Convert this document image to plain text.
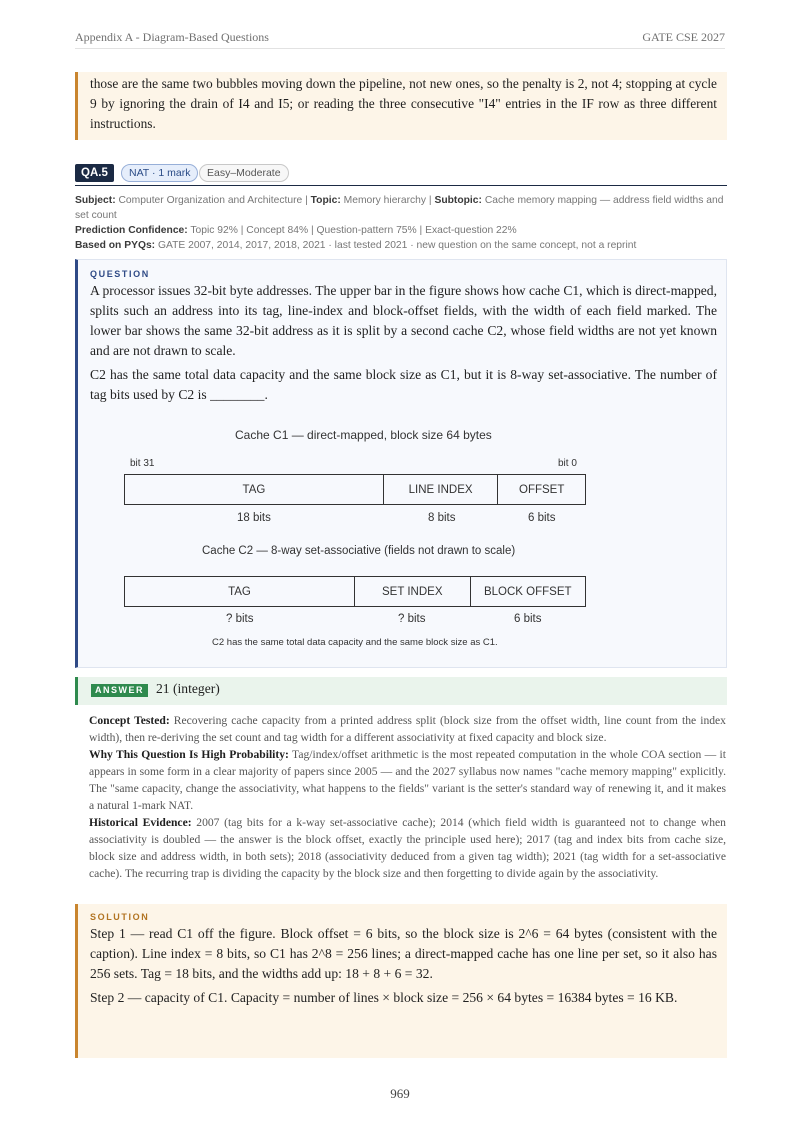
Appendix A - Diagram-Based Questions	GATE CSE 2027
those are the same two bubbles moving down the pipeline, not new ones, so the penalty is 2, not 4; stopping at cycle 9 by ignoring the drain of I4 and I5; or reading the three consecutive "I4" entries in the IF row as three different instructions.
QA.5	NAT · 1 mark	Easy–Moderate
Subject: Computer Organization and Architecture | Topic: Memory hierarchy | Subtopic: Cache memory mapping — address field widths and set count
Prediction Confidence: Topic 92% | Concept 84% | Question-pattern 75% | Exact-question 22%
Based on PYQs: GATE 2007, 2014, 2017, 2018, 2021 · last tested 2021 · new question on the same concept, not a reprint
QUESTION
A processor issues 32-bit byte addresses. The upper bar in the figure shows how cache C1, which is direct-mapped, splits such an address into its tag, line-index and block-offset fields, with the width of each field marked. The lower bar shows the same 32-bit address as it is split by a second cache C2, whose field widths are not yet known and are not drawn to scale.
C2 has the same total data capacity and the same block size as C1, but it is 8-way set-associative. The number of tag bits used by C2 is ________.
Cache C1 — direct-mapped, block size 64 bytes
bit 31	bit 0
TAG	LINE INDEX	OFFSET
18 bits	8 bits	6 bits
Cache C2 — 8-way set-associative (fields not drawn to scale)
TAG	SET INDEX	BLOCK OFFSET
? bits	? bits	6 bits
C2 has the same total data capacity and the same block size as C1.
ANSWER 21 (integer)

Concept Tested: Recovering cache capacity from a printed address split (block size from the offset width, line count from the index width), then re-deriving the set count and tag width for a different associativity at fixed capacity and block size.

Why This Question Is High Probability: Tag/index/offset arithmetic is the most repeated computation in the whole COA section — it appears in some form in a clear majority of papers since 2005 — and the 2027 syllabus now names "cache memory mapping" explicitly. The "same capacity, change the associativity, what happens to the fields" variant is the setter's standard way of renewing it, and it makes a natural 1-mark NAT.

Historical Evidence: 2007 (tag bits for a k-way set-associative cache); 2014 (which field width is guaranteed not to change when associativity is doubled — the answer is the block offset, exactly the principle used here); 2017 (tag and index bits from cache size, block size and address width, in both sets); 2018 (associativity deduced from a given tag width); 2021 (tag width for a set-associative cache). The recurring trap is dividing the capacity by the block size and then forgetting to divide again by the associativity.

SOLUTION
Step 1 — read C1 off the figure. Block offset = 6 bits, so the block size is 2^6 = 64 bytes (consistent with the caption). Line index = 8 bits, so C1 has 2^8 = 256 lines; a direct-mapped cache has one line per set, so it also has 256 sets. Tag = 18 bits, and the widths add up: 18 + 8 + 6 = 32.
Step 2 — capacity of C1. Capacity = number of lines × block size = 256 × 64 bytes = 16384 bytes = 16 KB.
969
